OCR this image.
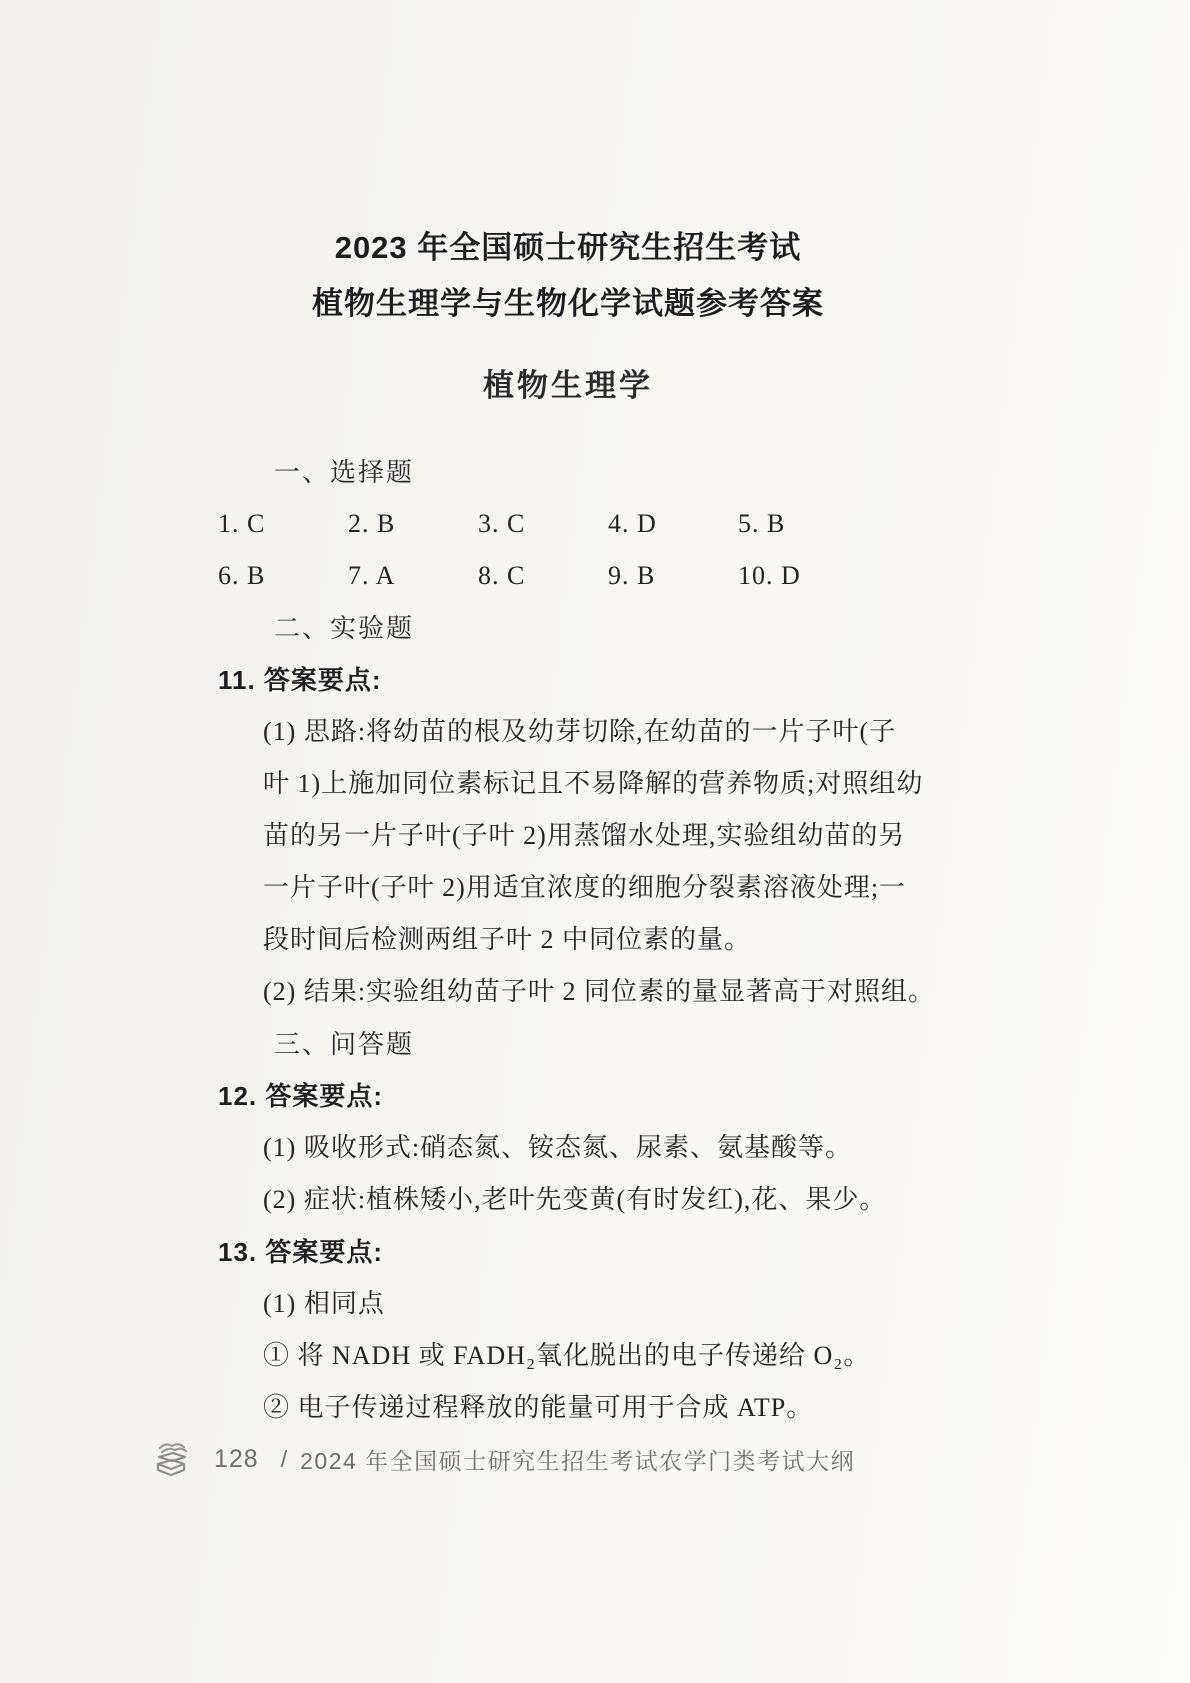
2023 年全国硕士研究生招生考试
植物生理学与生物化学试题参考答案
植物生理学
一、选择题
1. C	2. B	3. C	4. D	5. B
6. B	7. A	8. C	9. B	10. D
二、实验题
11. 答案要点:
(1) 思路:将幼苗的根及幼芽切除,在幼苗的一片子叶(子
叶 1)上施加同位素标记且不易降解的营养物质;对照组幼
苗的另一片子叶(子叶 2)用蒸馏水处理,实验组幼苗的另
一片子叶(子叶 2)用适宜浓度的细胞分裂素溶液处理;一
段时间后检测两组子叶 2 中同位素的量。
(2) 结果:实验组幼苗子叶 2 同位素的量显著高于对照组。
三、问答题
12. 答案要点:
(1) 吸收形式:硝态氮、铵态氮、尿素、氨基酸等。
(2) 症状:植株矮小,老叶先变黄(有时发红),花、果少。
13. 答案要点:
(1) 相同点
① 将 NADH 或 FADH₂氧化脱出的电子传递给 O₂。
② 电子传递过程释放的能量可用于合成 ATP。
128 / 2024 年全国硕士研究生招生考试农学门类考试大纲
